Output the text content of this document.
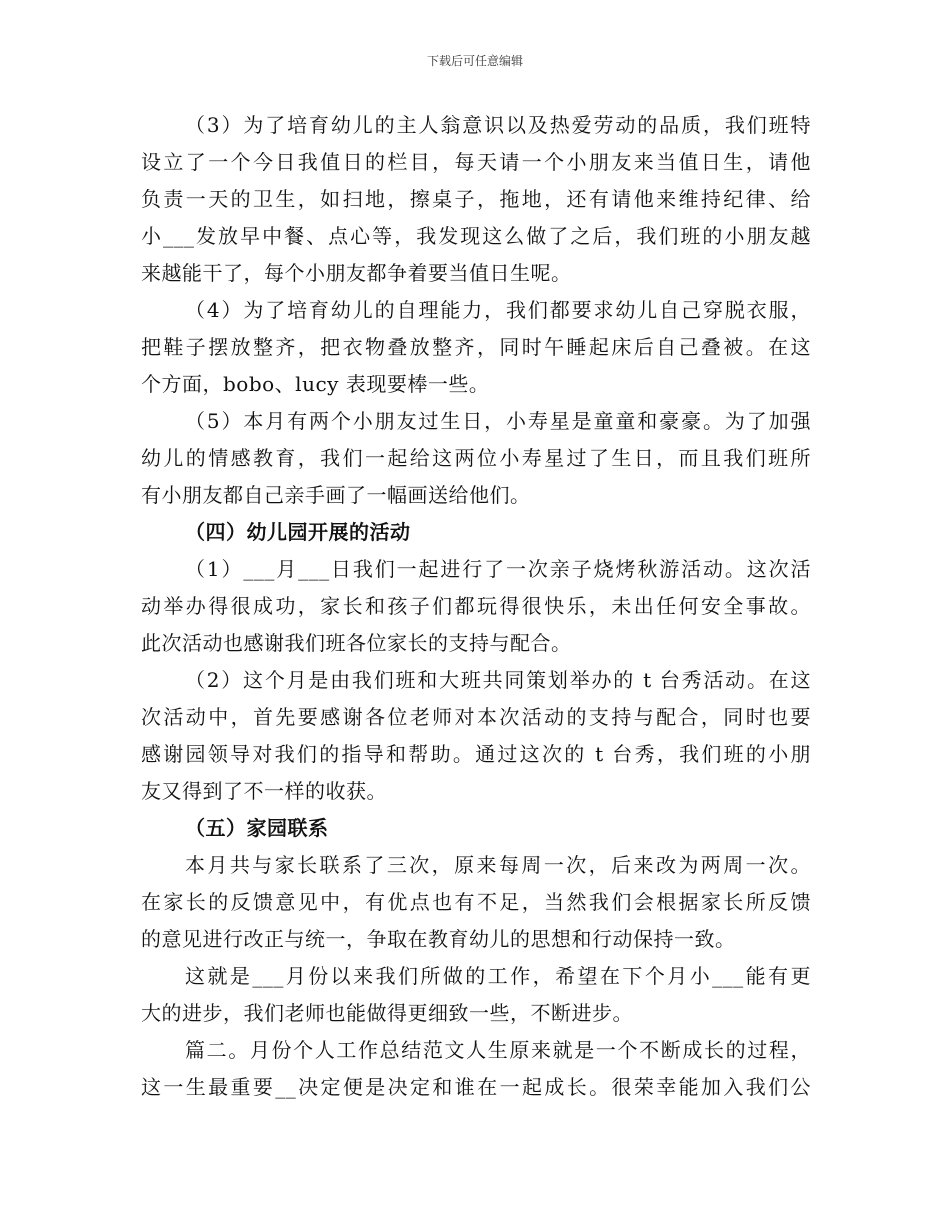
下载后可任意编辑
（3）为了培育幼儿的主人翁意识以及热爱劳动的品质，我们班特
设立了一个今日我值日的栏目，每天请一个小朋友来当值日生，请他
负责一天的卫生，如扫地，擦桌子，拖地，还有请他来维持纪律、给
小___发放早中餐、点心等，我发现这么做了之后，我们班的小朋友越
来越能干了，每个小朋友都争着要当值日生呢。
（4）为了培育幼儿的自理能力，我们都要求幼儿自己穿脱衣服，
把鞋子摆放整齐，把衣物叠放整齐，同时午睡起床后自己叠被。在这
个方面，bobo、lucy 表现要棒一些。
（5）本月有两个小朋友过生日，小寿星是童童和豪豪。为了加强
幼儿的情感教育，我们一起给这两位小寿星过了生日，而且我们班所
有小朋友都自己亲手画了一幅画送给他们。
（四）幼儿园开展的活动
（1）___月___日我们一起进行了一次亲子烧烤秋游活动。这次活
动举办得很成功，家长和孩子们都玩得很快乐，未出任何安全事故。
此次活动也感谢我们班各位家长的支持与配合。
（2）这个月是由我们班和大班共同策划举办的 t 台秀活动。在这
次活动中，首先要感谢各位老师对本次活动的支持与配合，同时也要
感谢园领导对我们的指导和帮助。通过这次的 t 台秀，我们班的小朋
友又得到了不一样的收获。
（五）家园联系
本月共与家长联系了三次，原来每周一次，后来改为两周一次。
在家长的反馈意见中，有优点也有不足，当然我们会根据家长所反馈
的意见进行改正与统一，争取在教育幼儿的思想和行动保持一致。
这就是___月份以来我们所做的工作，希望在下个月小___能有更
大的进步，我们老师也能做得更细致一些，不断进步。
篇二。月份个人工作总结范文人生原来就是一个不断成长的过程，
这一生最重要__决定便是决定和谁在一起成长。很荣幸能加入我们公
